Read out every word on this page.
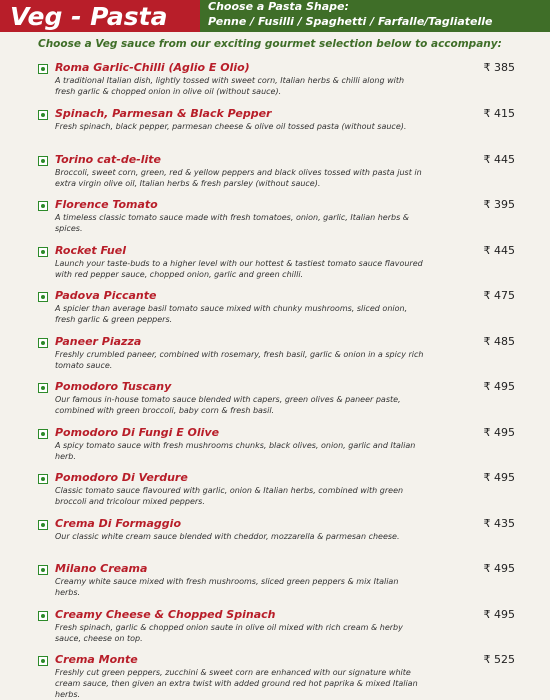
Veg - Pasta	Choose a Pasta Shape:
Penne / Fusilli / Spaghetti / Farfalle/Tagliatelle
Choose a Veg sauce from our exciting gourmet selection below to accompany:
Roma Garlic-Chilli (Aglio E Olio)
A traditional Italian dish, lightly tossed with sweet corn, Italian herbs & chilli along with fresh garlic & chopped onion in olive oil (without sauce).
₹ 385
Spinach, Parmesan & Black Pepper
Fresh spinach, black pepper, parmesan cheese & olive oil tossed pasta (without sauce).
₹ 415
Torino cat-de-lite
Broccoli, sweet corn, green, red & yellow peppers and black olives tossed with pasta just in extra virgin olive oil, Italian herbs & fresh parsley (without sauce).
₹ 445
Florence Tomato
A timeless classic tomato sauce made with fresh tomatoes, onion, garlic, Italian herbs & spices.
₹ 395
Rocket Fuel
Launch your taste-buds to a higher level with our hottest & tastiest tomato sauce flavoured with red pepper sauce, chopped onion, garlic and green chilli.
₹ 445
Padova Piccante
A spicier than average basil tomato sauce mixed with chunky mushrooms, sliced onion, fresh garlic & green peppers.
₹ 475
Paneer Piazza
Freshly crumbled paneer, combined with rosemary, fresh basil, garlic & onion in a spicy rich tomato sauce.
₹ 485
Pomodoro Tuscany
Our famous in-house tomato sauce blended with capers, green olives & paneer paste, combined with green broccoli, baby corn & fresh basil.
₹ 495
Pomodoro Di Fungi E Olive
A spicy tomato sauce with fresh mushrooms chunks, black olives, onion, garlic and Italian herb.
₹ 495
Pomodoro Di Verdure
Classic tomato sauce flavoured with garlic, onion & Italian herbs, combined with green broccoli and tricolour mixed peppers.
₹ 495
Crema Di Formaggio
Our classic white cream sauce blended with cheddor, mozzarella & parmesan cheese.
₹ 435
Milano Creama
Creamy white sauce mixed with fresh mushrooms, sliced green peppers & mix Italian herbs.
₹ 495
Creamy Cheese & Chopped Spinach
Fresh spinach, garlic & chopped onion saute in olive oil mixed with rich cream & herby sauce, cheese on top.
₹ 495
Crema Monte
Freshly cut green peppers, zucchini & sweet corn are enhanced with our signature white cream sauce, then given an extra twist with added ground red hot paprika & mixed Italian herbs.
₹ 525
